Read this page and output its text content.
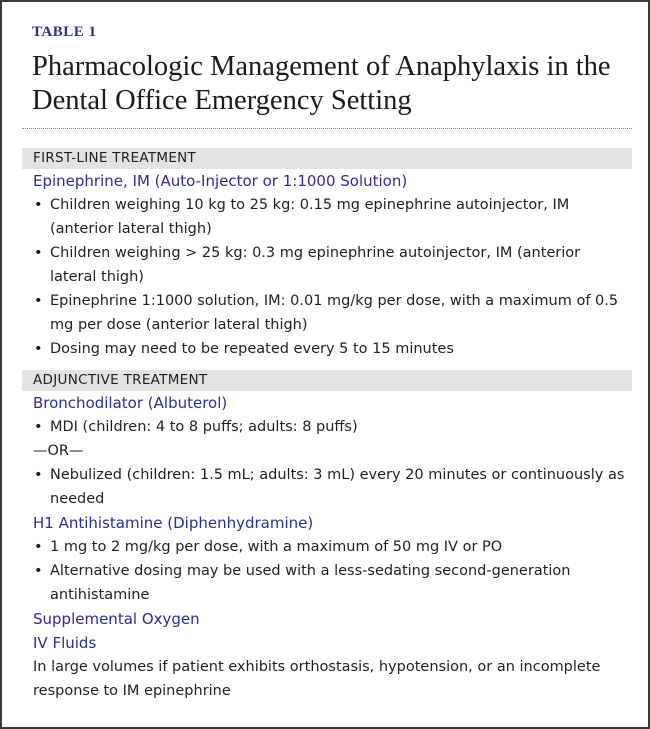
TABLE 1
Pharmacologic Management of Anaphylaxis in the Dental Office Emergency Setting
FIRST-LINE TREATMENT
Epinephrine, IM (Auto-Injector or 1:1000 Solution)
• Children weighing 10 kg to 25 kg: 0.15 mg epinephrine autoinjector, IM (anterior lateral thigh)
• Children weighing > 25 kg: 0.3 mg epinephrine autoinjector, IM (anterior lateral thigh)
• Epinephrine 1:1000 solution, IM: 0.01 mg/kg per dose, with a maximum of 0.5 mg per dose (anterior lateral thigh)
• Dosing may need to be repeated every 5 to 15 minutes
ADJUNCTIVE TREATMENT
Bronchodilator (Albuterol)
• MDI (children: 4 to 8 puffs; adults: 8 puffs)
—OR—
• Nebulized (children: 1.5 mL; adults: 3 mL) every 20 minutes or continuously as needed
H1 Antihistamine (Diphenhydramine)
• 1 mg to 2 mg/kg per dose, with a maximum of 50 mg IV or PO
• Alternative dosing may be used with a less-sedating second-generation antihistamine
Supplemental Oxygen
IV Fluids
In large volumes if patient exhibits orthostasis, hypotension, or an incomplete response to IM epinephrine
